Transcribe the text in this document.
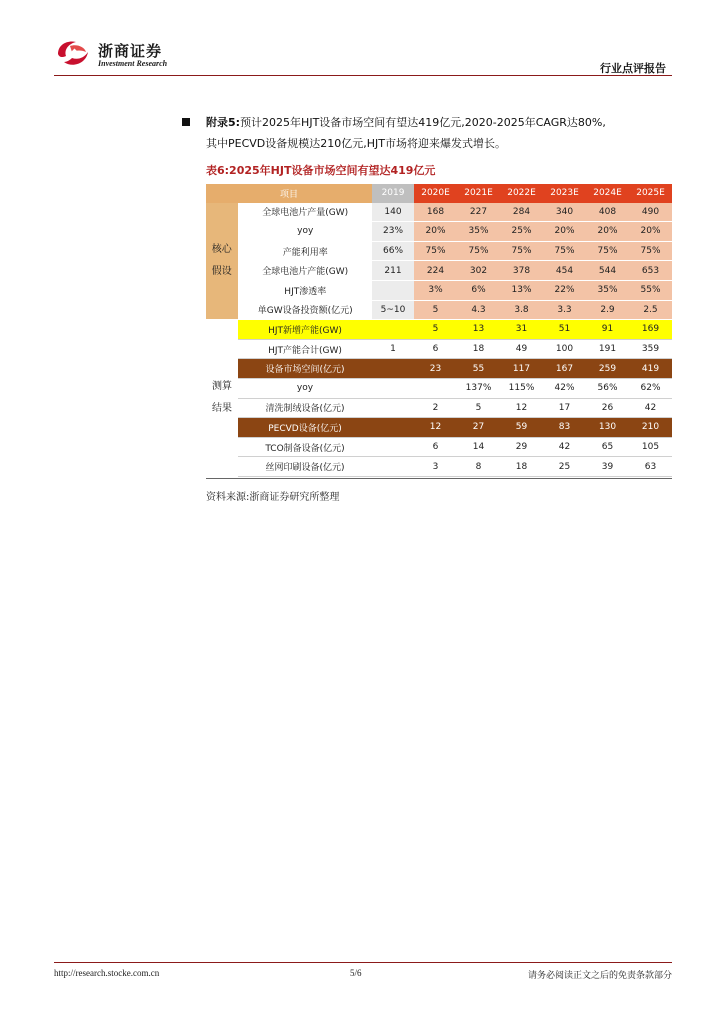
浙商证券
Investment Research	行业点评报告
附录5:预计2025年HJT设备市场空间有望达419亿元,2020-2025年CAGR达80%,
其中PECVD设备规模达210亿元,HJT市场将迎来爆发式增长。
表6:2025年HJT设备市场空间有望达419亿元
项目		2019	2020E	2021E	2022E	2023E	2024E	2025E
核心
假设	全球电池片产量(GW)	140	168	227	284	340	408	490
	yoy	23%	20%	35%	25%	20%	20%	20%
	产能利用率	66%	75%	75%	75%	75%	75%	75%
	全球电池片产能(GW)	211	224	302	378	454	544	653
	HJT渗透率		3%	6%	13%	22%	35%	55%
	单GW设备投资额(亿元)	5~10	5	4.3	3.8	3.3	2.9	2.5
测算
结果	HJT新增产能(GW)		5	13	31	51	91	169
	HJT产能合计(GW)	1	6	18	49	100	191	359
	设备市场空间(亿元)		23	55	117	167	259	419
	yoy			137%	115%	42%	56%	62%
	清洗制绒设备(亿元)		2	5	12	17	26	42
	PECVD设备(亿元)		12	27	59	83	130	210
	TCO制备设备(亿元)		6	14	29	42	65	105
	丝网印刷设备(亿元)		3	8	18	25	39	63
资料来源:浙商证券研究所整理
http://research.stocke.com.cn	5/6	请务必阅读正文之后的免责条款部分
